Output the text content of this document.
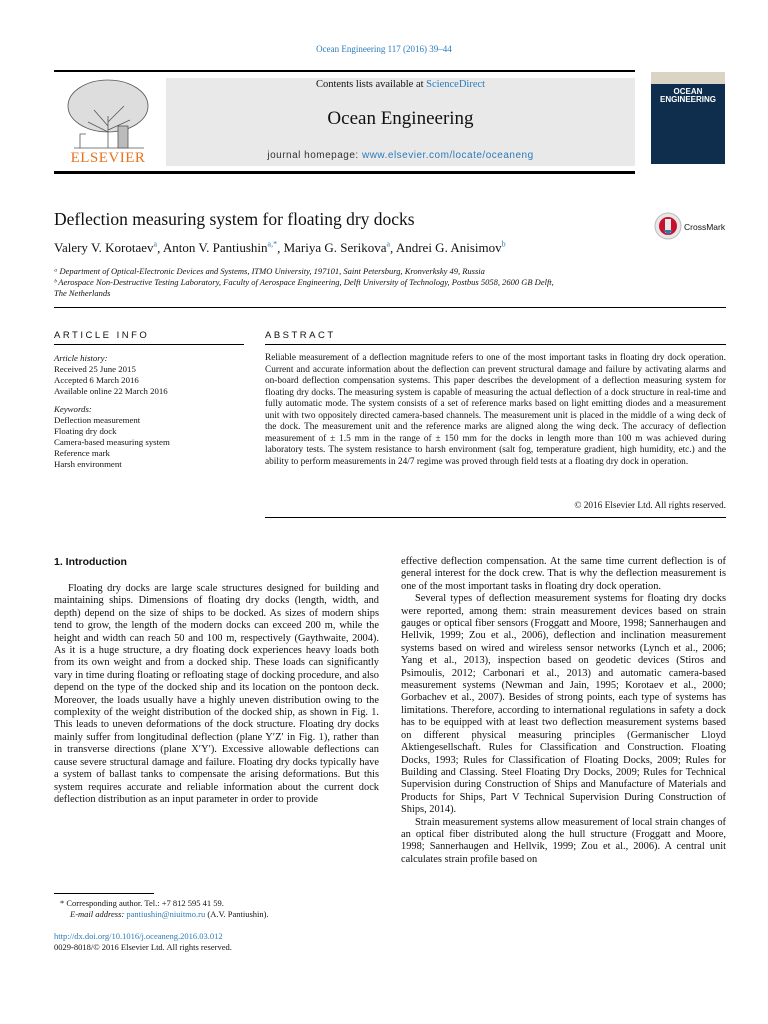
Ocean Engineering 117 (2016) 39–44
ELSEVIER
Contents lists available at ScienceDirect
Ocean Engineering
journal homepage: www.elsevier.com/locate/oceaneng
OCEAN
ENGINEERING
Deflection measuring system for floating dry docks	CrossMark
Valery V. Korotaev$^a$, Anton V. Pantiushin$^{a,*}$, Mariya G. Serikova$^a$, Andrei G. Anisimov$^b$
ᵃ Department of Optical-Electronic Devices and Systems, ITMO University, 197101, Saint Petersburg, Kronverksky 49, Russia
ᵇ Aerospace Non-Destructive Testing Laboratory, Faculty of Aerospace Engineering, Delft University of Technology, Postbus 5058, 2600 GB Delft,
The Netherlands
ARTICLE INFO
Article history:
Received 25 June 2015
Accepted 6 March 2016
Available online 22 March 2016
Keywords:
Deflection measurement
Floating dry dock
Camera-based measuring system
Reference mark
Harsh environment
ABSTRACT
Reliable measurement of a deflection magnitude refers to one of the most important tasks in floating dry dock operation. Current and accurate information about the deflection can prevent structural damage and failure by activating alarms and on-board deflection compensation systems. This paper describes the development of a deflection measuring system for floating dry docks. The measuring system is capable of measuring the actual deflection of a dock structure in real-time and fully automatic mode. The system consists of a set of reference marks based on light emitting diodes and a measurement unit with two oppositely directed camera-based channels. The measurement unit is placed in the middle of a wing deck of the dock. The measurement unit and the reference marks are aligned along the wing deck. The accuracy of deflection measurement of ± 1.5 mm in the range of ± 150 mm for the docks in length more than 100 m was achieved during laboratory tests. The system resistance to harsh environment (salt fog, temperature gradient, high humidity, etc.) and the ability to perform measurements in 24/7 regime was proved through field tests at a floating dry dock in operation.
© 2016 Elsevier Ltd. All rights reserved.
1. Introduction

Floating dry docks are large scale structures designed for building and maintaining ships. Dimensions of floating dry docks (length, width, and depth) depend on the size of ships to be docked. As sizes of modern ships tend to grow, the length of the modern docks can exceed 200 m, while the height and width can reach 50 and 100 m, respectively (Gaythwaite, 2004). As it is a huge structure, a dry floating dock experiences heavy loads both from its own weight and from a docked ship. These loads can significantly vary in time during floating or refloating stage of docking procedure, and also depend on the type of the docked ship and its location on the pontoon deck. Moreover, the loads usually have a highly uneven distribution owing to the complexity of the weight distribution of the docked ship, as shown in Fig. 1. This leads to uneven deformations of the dock structure. Floating dry docks mainly suffer from longitudinal deflection (plane Y′Z′ in Fig. 1), rather than in transverse directions (plane X′Y′). Excessive allowable deflections can cause severe structural damage and failure. Floating dry docks typically have a system of ballast tanks to compensate the arising deformations. But this system requires accurate and reliable information about the current dock deflection distribution as an input parameter in order to provide

effective deflection compensation. At the same time current deflection is of general interest for the dock crew. That is why the deflection measurement is one of the most important tasks in floating dry dock operation.

Several types of deflection measurement systems for floating dry docks were reported, among them: strain measurement devices based on strain gauges or optical fiber sensors (Froggatt and Moore, 1998; Sannerhaugen and Hellvik, 1999; Zou et al., 2006), deflection and inclination measurement systems based on wired and wireless sensor networks (Lynch et al., 2006; Yang et al., 2013), inspection based on geodetic devices (Stiros and Psimoulis, 2012; Carbonari et al., 2013) and automatic camera-based measurement systems (Newman and Jain, 1995; Korotaev et al., 2000; Gorbachev et al., 2007). Besides of strong points, each type of systems has limitations. Therefore, according to international regulations in safety a dock has to be equipped with at least two deflection measurement systems based on different physical measuring principles (Germanischer Lloyd Aktiengesellschaft. Rules for Classification and Construction. Floating Docks, 1993; Rules for Classification of Floating Docks, 2009; Rules for Building and Classing. Steel Floating Dry Docks, 2009; Rules for Technical Supervision during Construction of Ships and Manufacture of Materials and Products for Ships, Part V Technical Supervision During Construction of Ships, 2014).

Strain measurement systems allow measurement of local strain changes of an optical fiber distributed along the hull structure (Froggatt and Moore, 1998; Sannerhaugen and Hellvik, 1999; Zou et al., 2006). A central unit calculates strain profile based on

* Corresponding author. Tel.: +7 812 595 41 59.
E-mail address: pantiushin@niuitmo.ru (A.V. Pantiushin).
http://dx.doi.org/10.1016/j.oceaneng.2016.03.012
0029-8018/© 2016 Elsevier Ltd. All rights reserved.
